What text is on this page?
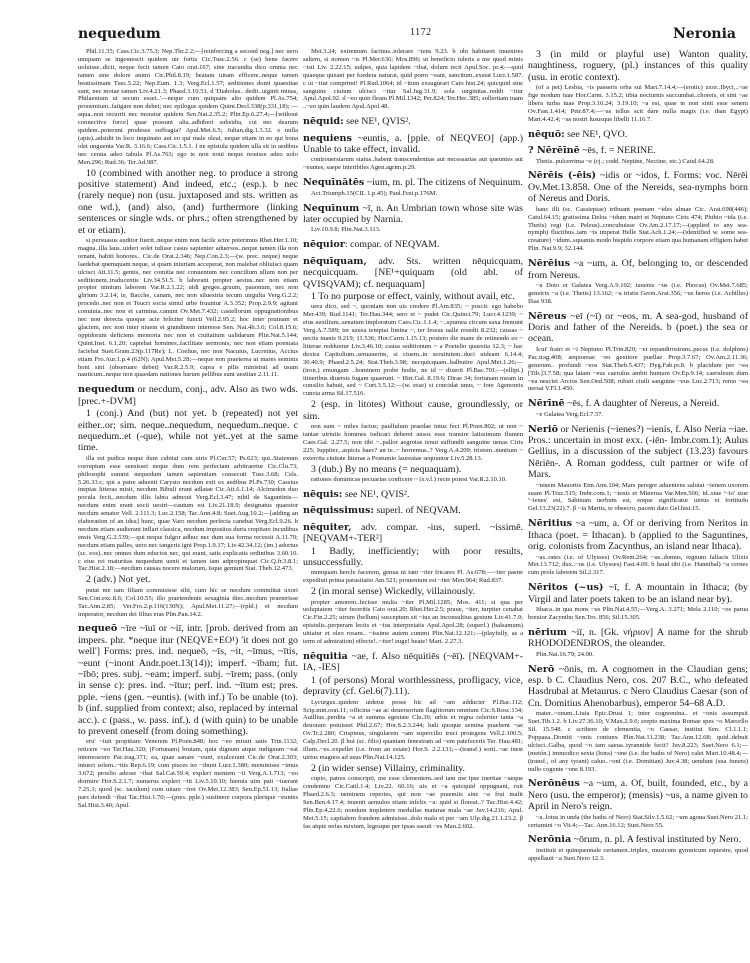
nequedum	1172	Neronia

Phil.11.35; Cass.Cic.3.75.3; Nep.Thr.2.2;—[reinforcing a second neg.] nec uero umquam se ingemescit quidem uir fortis Cic.Tusc.2.56. c (se) bene facere uoluisse..dicit, neque fecit tamen Cato orat.167; sine iracundia dico omnia nec tamen sine dolore animi Cic.Phil.8.19; beatam uitam efficere..neque tamen beatissimam Tusc.5.22; Nep.Eum. 1.3; Verg.Ecl.1.57; seditiones domi quaesitae sunt, nec motae tamen Liv.4.21.3; Phaed.3.10.51. d 'Diabolus.. dedit..uiginti minas, Philaenium ut secum esset..'—neque cum quiquam alio quidem Pl.As.754; prooemium..fatigare non debet; nec epilogus quidem Quint.Decl.338(p.331,18); —aqua..non recurrit nec moratur quidem Sen.Nat.2.35.2; Plin.Ep.6.27.4;—[without connective force] quae possunt alia..adhiberi subsidia, cui nec dearum quidem..poterunt prodesse suffragia? Apul.Met.6.5; Julian.dig.1.3.32. e nulla (apis)..adsidit in loco inquinato aut eo qui male oleat, neque etiam in eo qui bona olet unguenta Var.R. 3.16.6; Cass.Cic.1.5.1. f ne epistula quidem ulla sit in aedibus nec cerata adeo tabula Pl.As.763; ego te non noui neque nouisse adeo uolo Men.296; Rud.36; Ter.Ad.987.

10 (combined with another neg. to produce a strong positive statement) And indeed, etc.; (esp.). b nec (rarely neque) non (usu. juxtaposed and sts. written as one wd.), (and) also, (and) furthermore (linking sentences or single wds. or phrs.; often strengthened by et or etiam).

si persuasus auditor fuerit..neque enim non facile scire poterimus Rhet.Her.1.10; magna..illa laus..uideri solet tulisse casus sapienter aduersos..neque tamen illa non ornant, habiti honores.. Cic.de Orat.2.346; Nep.Con.2.3;—(w. prec. neque) neque laedebat quemquam neque, si quam iniuriam acceperat, non malebat obliuisci quam ulcisci Att.11.5; gentis, nec comitia nec conuentum nec concilium ullum non per seditionem..traducentis Liv.34.51.5. b laborant propter aestus..nec non etiam propter nimium laborem Var.R.2.1.22; uidi greges..gruum, pauonum, nec non glirium 3.2.14; te, Bacche, canam, nec non siluestria tecum uirgulta Verg.G.2.2; procedo..nec non et Teucri socia simul urbe fruuntur A.3.352; Prop.2.9.9; agitant conuiuia..nec non et carmina..canunt Ov.Met.7.432; castellorum oppugnationibus nec non derecta quoque acie feliciter functi Vell.2.95.2; hoc inter pruinam et glaciem, nec non inter niuem et grandinem interesse Sen. Nat.4b.3.6; Col.8.15.6; oppidorum deficiens memoria nec non et ciuitatium ualidarum Plin.Nat.5.144; Quint.Inst. 6.1.20; capiebat homines..facilitate sermonis; nec non etiam poemata faciebat Suet.Gram.23(p.117Re); L. Coelius, nec non Nacuius, Lucretius, Accius etiam Fro.Aur.1.p.4 (62N); Apul.Met.5.28;—neque non praeterea ut mares seminis boni sint (obseruare debet) Var.R.2.5.9; capra e pilis ministrat ad usum nauticum..neque non quaedam nationes harum pellibus sunt uestitae 2.11.11.

nequedum or necdum, conj., adv. Also as two wds. [prec.+-DVM]

1 (conj.) And (but) not yet. b (repeated) not yet either..or; sim. neque..nequedum, nequedum..neque. c nequedum..et (-que), while not yet..yet at the same time.

illa est pudica neque dum cubitat cum uiris Pl.Cur.57; Ps.623; qui..Staienum corruptum esse sensisset neque dum rem perfectam arbitraretur Cic.Clu.73; philosophi summi nequedum tamen sapientiam consecuti Tusc.3.68; Cels. 5.26.33.c; qui a patre aduenit Carysto necdum exit ex aedibus Pl.Ps.730; Cassius ineptas litteras misit, necdum Bibuli erant adlatae Cic.Att.6.1.14; Alcimedon duo pocula fecit,..necdum illis labra admoui Verg.Ecl.3.47; nihil de Saguntinis—necdum enim erant socii uestri—cautum est Liv.21.18.9; designatus quaestor necdum senator Vell. 2.111.3; Luc.2.158; Tac.Ann.4.8; Suet.Aug.10.2;—[adding an elaboration of an idea] hunc, quae Varo necdum perfecta canebat Verg.Ecl.9.26. b necdum etiam audierant inflari classica, necdum impositos duris crepitare incudibus ensis Verg.G.2.539;—qui neque fulgor adhuc nec dum sua forma recessit A.11.70; necdum etiam palles, uero nec tangeris igni Prop.1.9.17; Liv.42.34.12; (im.) adortus (sc. eos)..nec omnes dum eductos nec, qui erant, satis explicatis ordinibus 3.60.10. c eius rei maturitas nequedum uenit et tamen iam adpropinquat Cic.Q.fr.3.8.1; Tac.Hist.2.18;—necdum causas nocere malorum, isque gemunt Stat. Theb.12.473.

2 (adv.) Not yet.

putat me iam filiam commisisse sibi, cum hic se necdum committat uxori Sen.Con.exc.8.6; Col.10.55; illo praetendente sexaginta dies..necdum praeterisse Tac.Ann.2.85; Ver.Fro.2.p.116(130N); Apul.Met.11.27;—(rpld.) et necdum imperator, necdum dei filius eras Plin.Pan.14.2.

nequeō ~īre ~īuī or ~iī, intr. [prob. derived from an impers. phr. *neque itur (NEQVE+EO¹) 'it does not go well'] Forms: pres. ind. nequeō, ~īs, ~it, ~īmus, ~ītis, ~eunt (~inont Andr.poet.13(14)); imperf. ~ībam; fut. ~ībō; pres. subj. ~eam; imperf. subj. ~īrem; pass. (only in sense c): pres. ind. ~ītur; perf. ind. ~ītum est; pres. pple. ~iens (gen. ~euntis). (with inf.) To be unable (to). b (inf. supplied from context; also, replaced by internal acc.). c (pass., w. pass. inf.). d (with quin) to be unable to prevent oneself (from doing something).

eru' ~iuit propitiare Venerem Pl.Poen.848; hoc ~eo mirari satis Trin.1132; reticere ~eo Ter.Hau.320; (Fortunam) brutam, quia dignum atque indignum ~eat internoscere Pac.trag.371; ea, quae sanare ~eunt, exulcerant Cic.de Orat.2.303; intueri solem..~itis Rep.6.19; cum pisces ire ~ibunt Lucr.1.380; meminisse ~imus 3.672; proelio adesse ~ibat Sal.Cat.59.4; expleri mentem ~it Verg.A.1.713; ~eo dormire Hor.S.2.1.7; numerus expleri ~iit Liv.5.10.10; hiemis uim pati ~iuerant 7.25.3; quod (sc. iaculum) cum uitare ~iret Ov.Met.12.383; Sen.Ep.51.13; Italiae pars defendi ~ibat Tac.Hist.1.70;—(pres. pple.) sustinere corpora plerique ~euntes Sal.Hist.3.40; Apul.

Met.3.24; extremum facinus..tolerare ~iens 9.23. b ubi habitaret inuenires saltem, si nomen ~is Pl.Mer.636; Mos.896; ut beneficio tuleris a me quod minis ~isti Liv. 2.22.15; uulpes, quia lapidem ~ibat, dolum iecit Apul.Soc. pr.4;—quid quaeque queant per foedera naturai, quid porro ~eant, sancitum..exstat Lucr.1.587. c ut ~itur comprimi! Pl.Rud.1064; id ~itum exsugurari Cato hist.24; quicquid sine sanguine ciuium ulcisci ~itur Sal.Jug.31.9; sola uirginitas..reddi ~itur Apul.Apol.92. d ~eo quin fleam Pl.Mil.1342; Per.824; Ter.Hec.385; sollertiam tuam ..~eo quin laudem Apul.Apol.48.

nēquid: see NE¹, QVIS².

nequiens ~euntis, a. [pple. of NEQVEO] (app.) Unable to take effect, invalid.

controuersiarum status..habent transcendentias aut necessarias aut queuntes aut ~euntes, saepe interibiles Agen.agrim.p.29.

Nequīnātēs ~ium, m. pl. The citizens of Nequinum.

Act.Triumph.15(CIL 1.p.45); Paul.Fest.p.176M.

Nequīnum ~ī, n. An Umbrian town whose site was later occupied by Narnia.

Liv.10.9.8; Plin.Nat.3.113.

nēquior: compar. of NEQVAM.

nēquīquam, adv. Sts. written nēquicquam, necquicquam. [NE¹+quiquam (old abl. of QVISQVAM); cf. nequaquam]

1 To no purpose or effect, vainly, without avail, etc.

uera dico, sed ~, quoniam non uis credere Pl.Am.835; ~ poscit: ego habebo Mer.439; Rud.1141; Ter.Hau.344; sero et ~ pudet Cic.Quinct.79; Lucr.4.1239; ~ eius auxilium..senatum imploratum Caes.Cic.1.1.4; ~..spumea circum saxa fremunt Verg.A.7.589; ter saxea temptat limina ~, ter fessus ualle resedit 8.232; causas ~ nectis inanis 9.219; 11.536; Hor.Carm.1.15.13; postero die mane de retinendo eo ~ litterae redduntur Liv.3.46.10; causa seditionum ~ a Poetelio quaesita 12.3; ~ hac dextra Capitolium..seruauerim, si ciuem..in seruitutem..duci uideam 6.14.4; 30.40.9; Phaed.2.5.24; Stat.Theb.3.98; necquicquam..balbutire Apul.Met.1.26;—(iron.) emungam ..hominem probe hodie, ne id ~ dixerit Pl.Bac.701;—(ellipt.) itineribus diuersis fugam quaerunt. ~ Hirt.Gal. 8.19.6; Dirae 34; fortunam meam in consilio habuit, sed ~ Curt.3.5.12;—(w. esse) si concidat unus, ~ fore Agenoreis cuncta arma Sil.17.516.

2 (esp. in litotes) Without cause, groundlessly, or sim.

non sum ~ miles factus; paullulum praedae intus feci Pl.Poen.802; ut non ~ tantae uirtutis homines iudicari deberet ausos esse transire latissimum flumen Caes.Gal. 2.27.5; non tibi ~..pallor aegrotas tenui suffundit sanguine uenas Ciris 225; Iuppiter,..aspicis haec? an te..~ horremus..? Verg.A.4.209; tristem..nuntium ~ exterrita ciuitate litterae a Postumio laureatae sequuntur Liv.5.28.13.

3 (dub.) By no means (= nequaquam).

rationes dominicas pecuarias conficere ~ (s.v.l.) recte potest Var.R.2.10.10.

nēquis: see NE¹, QVIS².

nēquissimus: superl. of NEQVAM.

nēquiter, adv. compar. -ius, superl. ~issimē. [NEQVAM+-TER²]

1 Badly, inefficiently; with poor results, unsuccessfully.

numquam hercle facerem, genua ni tam ~iter fricares Pl. As.678;—~iter paene expediuit prima parasitatio Am.521; prouenium est ~iter Men.964; Rud.837.

2 (in moral sense) Wickedly, villainously.

propter amorem..fecisse multa ~iter Pl.Mil.1285; Mos. 411; si qua per uoluptatem ~iter feceritis Cato orat.20; Rhet.Her.2.5; praue, ~iter, turpiter cenabat Cic.Fin.2.25; utrum (bellum) susceptum sit ~ius an inconsultius gestum Liv.41.7.9; epistulis..perperam lectis et ~ius interpretatis Apul.Apol.28; (superl.) (balsamum) uitiatur et oleo rosam.. ~issime autem cummi Plin.Nat.12.121;—(playfully, as a term of admiration) effecte!..~iter! euge! beate! Mart. 2.27.3.

nēquitia ~ae, f. Also nēquitiēs (~ēī). [NEQVAM+-IA, -IES]

1 (of persons) Moral worthlessness, profligacy, vice, depravity (cf. Gel.6(7).11).

Lycurgus..quidem uidetur posse hic ad ~am adducier Pl.Bac.112; Scip.min.orat.11; officina ~ae ac deuersorium flagitiorum omnium Cic.S.Rosc.134; Auillius..perdita ~a et summa egestate Clu.36; urbis et regna celeriter tanta ~a deuorare potuisset Phil.2.67; Hor.S.2.3.244; ludi quoque semina praebent ~ae Ov.Tr.2.280; Crispinus, singularem ~am supercilio truci protegens Vell.2.100.5; Calp.Decl.20. β hui (sc. filio) quantam fenestram ad ~em patefeceris Ter. Hau.481; illum..~es..expellet (i.e. from an estate) Hor.S. 2.2.131;—(transf.) sorti..~ae inest uirtus magnos ad usus Plin.Nat.14.125.

2 (in wider sense) Villainy, criminality.

cupio, patres conscripti, me esse clementem..sed iam me ipse inertiae ~aeque condemno Cic.Catil.1.4; Liv.22. 60.16; uis et ~a quicquid oppugnant, ruit Phaed.2.6.3; neminem reperies, qui non ~ae praemiis sine ~a frui malit Sen.Ben.4.17.4; inuenit aemulos etiam infelix ~a: quid si floreat..? Tac.Hist.4.42; Plin.Ep.4.22.6; nondum implenere medullas maturae mala ~ae Juv.14.216; Apul. Met.5.15; capitalem fraudem admisisse..dolo malo et per ~am Ulp.dig.21.1.23.2. β fas atque nefas mixtum, legesque per ipsas saeuit ~es Man.2.602.

3 (in mild or playful use) Wanton quality, naughtiness, roguery, (pl.) instances of this quality (usu. in erotic context).

(of a pet) Lesbia, ~is passeris orba sui Mart.7.14.4;—(erotic) uxor..Ibyci,..~ae fige modum tuae Hor.Carm. 3.15.2; tibia nocturnis succumbat..choreis, et sint ~ae libera turba tuae Prop.3.10.24; 3.19.10; ~a est, quae te non sinit esse senem Ov.Fast.1.414; Petr.87.4;—~as tellus scit dare nulla magis (i.e. than Egypt) Mart.4.42.4; ~as nostri lususque libelli 11.16.7.

nēquō: see NE¹, QVO.

? Nērēīnē ~ēs, f. = NERINE.

Thetis..pulcerrima ~e (cj.; codd. Neptine, Nectine, etc.) Catul.64.28.

Nērēis (-ēis) ~idis or ~idos, f. Forms: voc. Nērēi Ov.Met.13.858. One of the Nereids, sea-nymphs born of Nereus and Doris.

hanc illi (sc. Cassiepiae) tribuant poenam ~ides almae Cic. Arat.698(446); Catul.64.15; gratissima Delos ~idum matri et Neptuno Ciris 474; Phthio ~ida (i.e. Thetis) regi (i.e. Peleus)..concubuisse Ov.Am.2.17.17;—(applied to any sea-nymph) fluctibus..iam ~is imperat Helle Stat.Ach.1.24;—(identified w. some sea-creature) ~idum..squamis modo hispido corpore etiam qua humanam effigiem habet Plin. Nat.9.9; 32.144.

Nērēius ~a ~um, a. Of, belonging to, or descended from Nereus.

~a Doto et Galatea Verg.A.9.102; iuuenis ~us (i.e. Phocus) Ov.Met.7.685; genetrix ~a (i.e. Thetis) 13.162; ~a tristis Germ.Arat.356; ~us heros (i.e. Achilles) Ilias 938.

Nēreus ~eī (~ī) or ~eos, m. A sea-god, husband of Doris and father of the Nereids. b (poet.) the sea or ocean.

Icui' fratri et ~i Neptuno Pl.Trin.820; ~ei repandirostrum..pecus (i.e. dolphins) Pac.trag.408; aequoreae ~eo genitore puellae Prop.3.7.67; Ov.Am.2.11.36; generum.. profundi ~eos Stat.Theb.5.437; Hyg.Fab.pr.8. b placidum per ~ea [Tib.]3.7.58; qua latam ~eus caerulus ambit humum Ov.Ep.9.14; caeruleum dum ~ea nesciet Arctos Sen.Oed.508; rubuit ciuili sanguine ~eus Luc.2.713; remo ~ea uersat V.Fl.1.450.

Nērīnē ~ēs, f. A daughter of Nereus, a Nereid.

~e Galatea Verg.Ecl.7.37.

Neriō or Nerienis (~ienes?) ~ienis, f. Also Neria ~iae. Pros.: uncertain in most exx. (-iēn- Imbr.com.1); Aulus Gellius, in a discussion of the subject (13.23) favours Nēriēn-. A Roman goddess, cult partner or wife of Mars.

~ienem Mauortis Enn.Ann.104; Mars peregre adueniens salutat ~ienem uxorem suam Pl.Truc.515; Imbr.com.1; ~ienis et Minerua Var.Men.506; id..siue '~io' siue '~ienes' est, Sabinum uerbum est, eoque significatur uirtus et fortitudo Gel.13.23(22).7. β ~ia Martis, te obsecro, pacem dato Gel.hist.15.

Nēritius ~a ~um, a. Of or deriving from Neritos in Ithaca (poet. = Ithacan). b (applied to the Saguntines, orig. colonists from Zacynthus, an island near Ithaca).

~as..rates (i.e. of Ulysses) Ov.Rem.264; ~as..domus, regnum fallacis Ulixis Met.13.712; dux..~us (i.e. Ulysses) Fast.4.69. b haud tibi (i.e. Hannibal) ~a cernes cum prole laborem Sil.2.317.

Nēritos (~us) ~ī, f. A mountain in Ithaca; (by Virgil and later poets taken to be an island near by).

Ithaca..in qua mons ~us Plin.Nat.4.55;—Verg.A. 3.271; Mela 2.110; ~os parua breuior Zacyntho Sen.Tro. 856; Sil.15.305.

nērium ~iī, n. [Gk. νήριον] A name for the shrub RHODODENDROS, the oleander.

Plin.Nat.16.79; 24.90.

Nerō ~ōnis, m. A cognomen in the Claudian gens; esp. b C. Claudius Nero, cos. 207 B.C., who defeated Hasdrubal at Metaurus. c Nero Claudius Caesar (son of Cn. Domitius Ahenobarbus), emperor 54–68 A.D.

mater..~onum..Liuia Epic.Drusi 1; inter cognomina.. et ~onis assumpsit Suet.Tib.1.2. b Liv.27.36.10; V.Max.2.9.6; erepto maxima Romae spes ~o Marcello Sil. 15.548. c scribere de clementia, ~o Caesar, institui Sen. Cl.1.1.1; Poppaea..Domiti ~onis coniunx Plin.Nat.11.238; Tac.Ann.12.68; quid..debuit ulcisci..Galba, quod ~o tam saeua..tyrannide fecit? Juv.8.223; Suet.Nero 6.1;—(metón.) immodico sexta (hora) ~one (i.e. the baths of Nero) calet Mart.10.48.4;—(transf., of any tyrant) caluo..~oni (i.e. Domitian) Juv.4.38; uendunt (sua funera) nullo cogente ~one 8.193.

Nerōnēus ~a ~um, a. Of, built, founded, etc., by a Nero (usu. the emperor); (mensis) ~us, a name given to April in Nero's reign.

~a..lotus in unda (the baths of Nero) Stat.Silv.1.5.62; ~um agona Suet.Nero 21.1; certamini ~o Vit.4;—Tac. Ann.16.12; Suet.Nero 55.

Nerōnia ~ōrum, n. pl. A festival instituted by Nero.

instituit et quinquennale certamen..triplex, musicum gymnicum equestre, quod appellauit ~a Suet.Nero 12.3.
